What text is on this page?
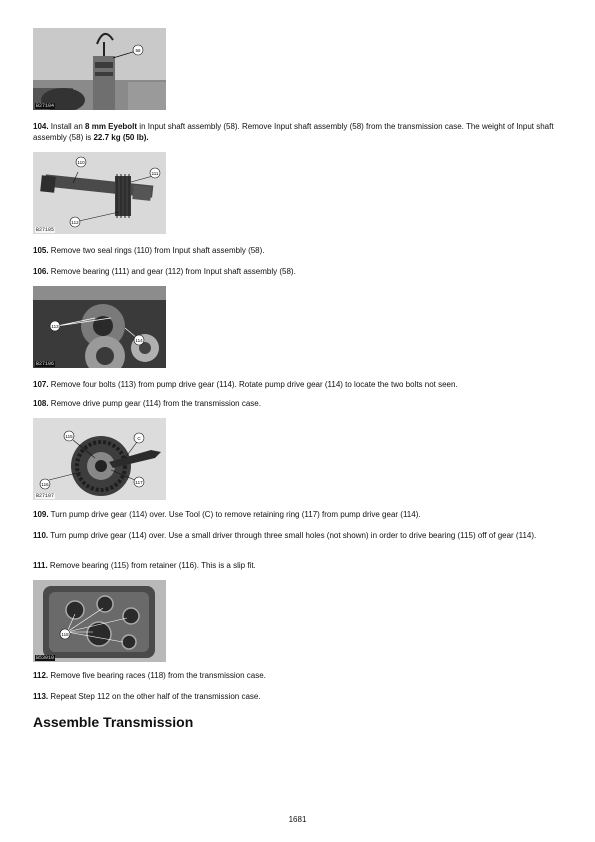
58
B27104

104. Install an 8 mm Eyebolt in Input shaft assembly (58). Remove Input shaft assembly (58) from the transmission case. The weight of Input shaft assembly (58) is 22.7 kg (50 lb).

110
111
112
B27105

105. Remove two seal rings (110) from Input shaft assembly (58).

106. Remove bearing (111) and gear (112) from Input shaft assembly (58).

113
114
B27106

107. Remove four bolts (113) from pump drive gear (114). Rotate pump drive gear (114) to locate the two bolts not seen.

108. Remove drive pump gear (114) from the transmission case.

115	C
116	117
B27107

109. Turn pump drive gear (114) over. Use Tool (C) to remove retaining ring (117) from pump drive gear (114).

110. Turn pump drive gear (114) over. Use a small driver through three small holes (not shown) in order to drive bearing (115) off of gear (114).

111. Remove bearing (115) from retainer (116). This is a slip fit.

118
B53010

112. Remove five bearing races (118) from the transmission case.

113. Repeat Step 112 on the other half of the transmission case.

Assemble Transmission
1681
